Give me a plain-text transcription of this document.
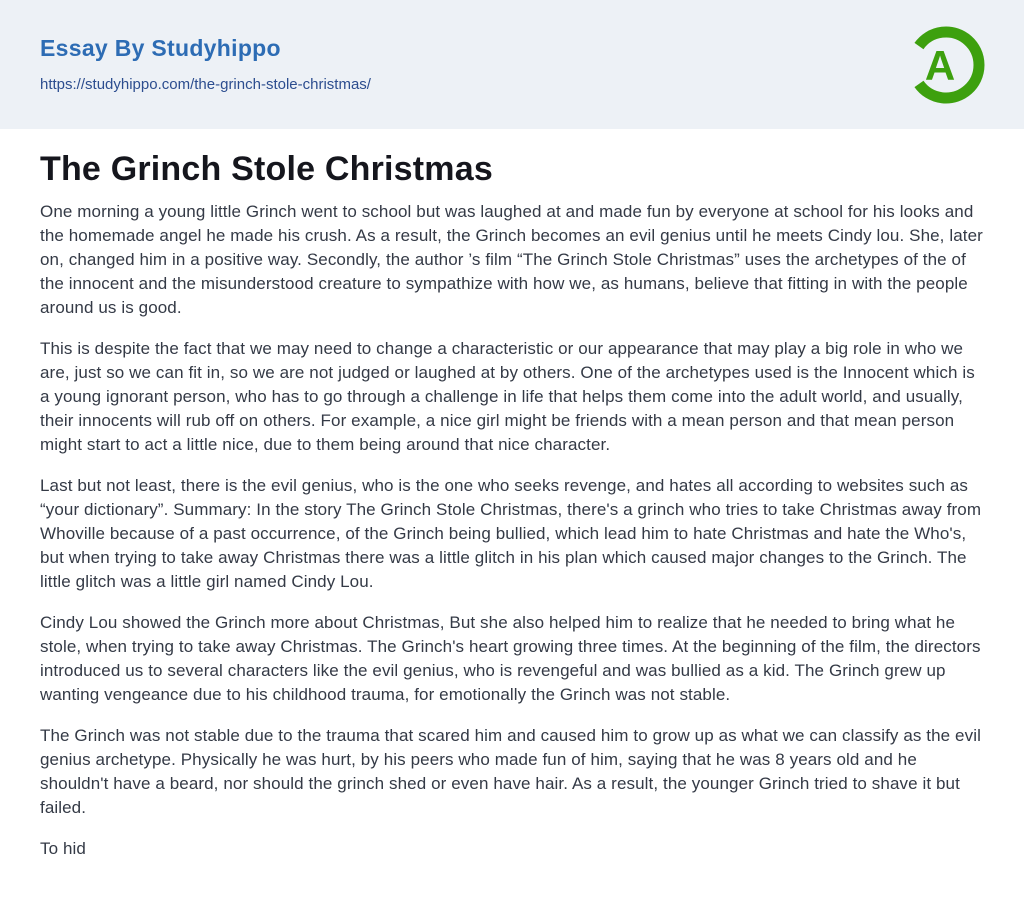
Essay By Studyhippo
https://studyhippo.com/the-grinch-stole-christmas/	A
The Grinch Stole Christmas

One morning a young little Grinch went to school but was laughed at and made fun by everyone at school for his looks and the homemade angel he made his crush. As a result, the Grinch becomes an evil genius until he meets Cindy lou. She, later on, changed him in a positive way. Secondly, the author ’s film “The Grinch Stole Christmas” uses the archetypes of the of the innocent and the misunderstood creature to sympathize with how we, as humans, believe that fitting in with the people around us is good.

This is despite the fact that we may need to change a characteristic or our appearance that may play a big role in who we are, just so we can fit in, so we are not judged or laughed at by others. One of the archetypes used is the Innocent which is a young ignorant person, who has to go through a challenge in life that helps them come into the adult world, and usually, their innocents will rub off on others. For example, a nice girl might be friends with a mean person and that mean person might start to act a little nice, due to them being around that nice character.

Last but not least, there is the evil genius, who is the one who seeks revenge, and hates all according to websites such as “your dictionary”. Summary: In the story The Grinch Stole Christmas, there's a grinch who tries to take Christmas away from Whoville because of a past occurrence, of the Grinch being bullied, which lead him to hate Christmas and hate the Who's, but when trying to take away Christmas there was a little glitch in his plan which caused major changes to the Grinch. The little glitch was a little girl named Cindy Lou.

Cindy Lou showed the Grinch more about Christmas, But she also helped him to realize that he needed to bring what he stole, when trying to take away Christmas. The Grinch's heart growing three times. At the beginning of the film, the directors introduced us to several characters like the evil genius, who is revengeful and was bullied as a kid. The Grinch grew up wanting vengeance due to his childhood trauma, for emotionally the Grinch was not stable.

The Grinch was not stable due to the trauma that scared him and caused him to grow up as what we can classify as the evil genius archetype. Physically he was hurt, by his peers who made fun of him, saying that he was 8 years old and he shouldn't have a beard, nor should the grinch shed or even have hair. As a result, the younger Grinch tried to shave it but failed.

To hid
